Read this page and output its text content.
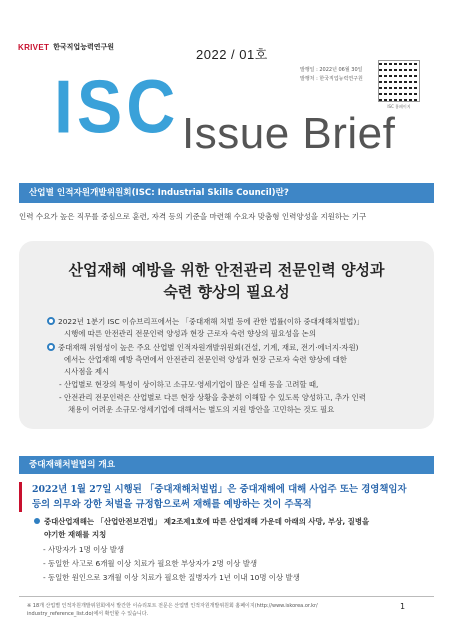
KRIVET 한국직업능력연구원	2022 / 01호
발행일 : 2022년 06월 30일
발행처 : 한국직업능력연구원
ISC 홈페이지
ISC Issue Brief
산업별 인적자원개발위원회(ISC: Industrial Skills Council)란?
인력 수요가 높은 직무를 중심으로 훈련, 자격 등의 기준을 마련해 수요자 맞춤형 인력양성을 지원하는 기구
산업재해 예방을 위한 안전관리 전문인력 양성과
숙련 향상의 필요성
2022년 1분기 ISC 이슈브리프에서는 「중대재해 처벌 등에 관한 법률(이하 중대재해처벌법)」
시행에 따른 안전관리 전문인력 양성과 현장 근로자 숙련 향상의 필요성을 논의
중대재해 위험성이 높은 주요 산업별 인적자원개발위원회(건설, 기계, 재료, 전기·에너지·자원)
에서는 산업재해 예방 측면에서 안전관리 전문인력 양성과 현장 근로자 숙련 향상에 대한
시사점을 제시
- 산업별로 현장의 특성이 상이하고 소규모·영세기업이 많은 실태 등을 고려할 때,
- 안전관리 전문인력은 산업별로 다른 현장 상황을 충분히 이해할 수 있도록 양성하고, 추가 인력
채용이 어려운 소규모·영세기업에 대해서는 별도의 지원 방안을 고민하는 것도 필요
중대재해처벌법의 개요
2022년 1월 27일 시행된 「중대재해처벌법」은 중대재해에 대해 사업주 또는 경영책임자
등의 의무와 강한 처벌을 규정함으로써 재해를 예방하는 것이 주목적
중대산업재해는 「산업안전보건법」 제2조제1호에 따른 산업재해 가운데 아래의 사망, 부상, 질병을
야기한 재해를 지칭
- 사망자가 1명 이상 발생
- 동일한 사고로 6개월 이상 치료가 필요한 부상자가 2명 이상 발생
- 동일한 원인으로 3개월 이상 치료가 필요한 질병자가 1년 이내 10명 이상 발생
※ 18개 산업별 인적자원개발위원회에서 발간한 이슈리포트 전문은 산업별 인적자원개발위원회 홈페이지(http://www.iskorea.or.kr/
industry_reference_list.do)에서 확인할 수 있습니다.
1
